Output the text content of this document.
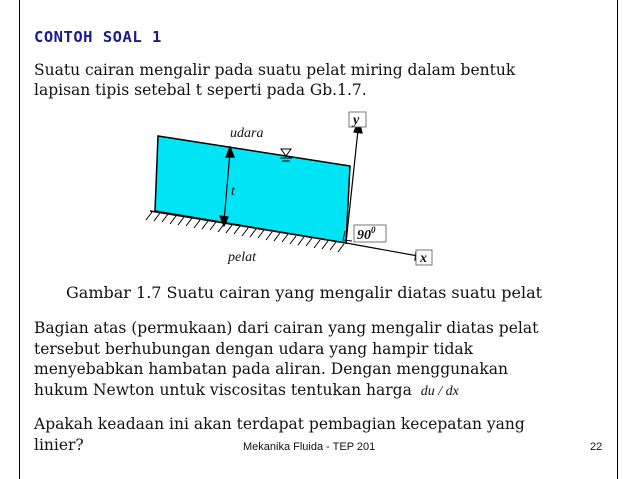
CONTOH SOAL 1
Suatu cairan mengalir pada suatu pelat miring dalam bentuk
lapisan tipis setebal t seperti pada Gb.1.7.
udara
t
pelat
y
x
$90^0$
Gambar 1.7 Suatu cairan yang mengalir diatas suatu pelat
Bagian atas (permukaan) dari cairan yang mengalir diatas pelat
tersebut berhubungan dengan udara yang hampir tidak
menyebabkan hambatan pada aliran. Dengan menggunakan
hukum Newton untuk viscositas tentukan harga du / dx
Apakah keadaan ini akan terdapat pembagian kecepatan yang
linier?	Mekanika Fluida - TEP 201	22
